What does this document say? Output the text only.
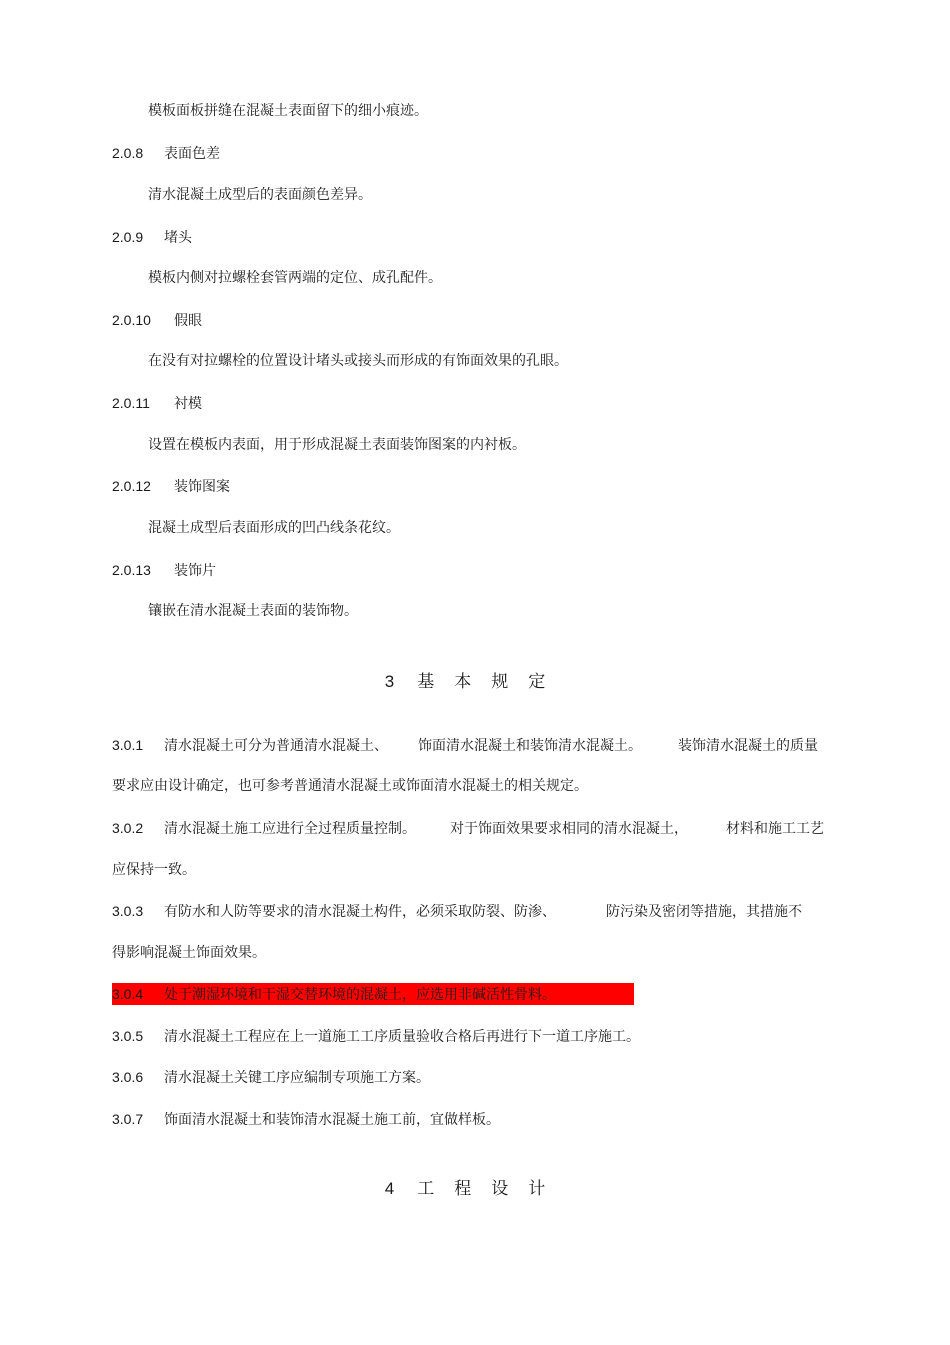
模板面板拼缝在混凝土表面留下的细小痕迹。
2.0.8 表面色差
清水混凝土成型后的表面颜色差异。
2.0.9 堵头
模板内侧对拉螺栓套管两端的定位、成孔配件。
2.0.10 假眼
在没有对拉螺栓的位置设计堵头或接头而形成的有饰面效果的孔眼。
2.0.11 衬模
设置在模板内表面，用于形成混凝土表面装饰图案的内衬板。
2.0.12 装饰图案
混凝土成型后表面形成的凹凸线条花纹。
2.0.13 装饰片
镶嵌在清水混凝土表面的装饰物。
3 基本规定
3.0.1 清水混凝土可分为普通清水混凝土、 饰面清水混凝土和装饰清水混凝土。	装饰清水混凝土的质量
要求应由设计确定，也可参考普通清水混凝土或饰面清水混凝土的相关规定。
3.0.2 清水混凝土施工应进行全过程质量控制。 对于饰面效果要求相同的清水混凝土，	材料和施工工艺
应保持一致。
3.0.3 有防水和人防等要求的清水混凝土构件，必须采取防裂、防渗、	防污染及密闭等措施，其措施不
得影响混凝土饰面效果。
3.0.4 处于潮湿环境和干湿交替环境的混凝土，应选用非碱活性骨料。
3.0.5 清水混凝土工程应在上一道施工工序质量验收合格后再进行下一道工序施工。
3.0.6 清水混凝土关键工序应编制专项施工方案。
3.0.7 饰面清水混凝土和装饰清水混凝土施工前，宜做样板。
4 工程设计
